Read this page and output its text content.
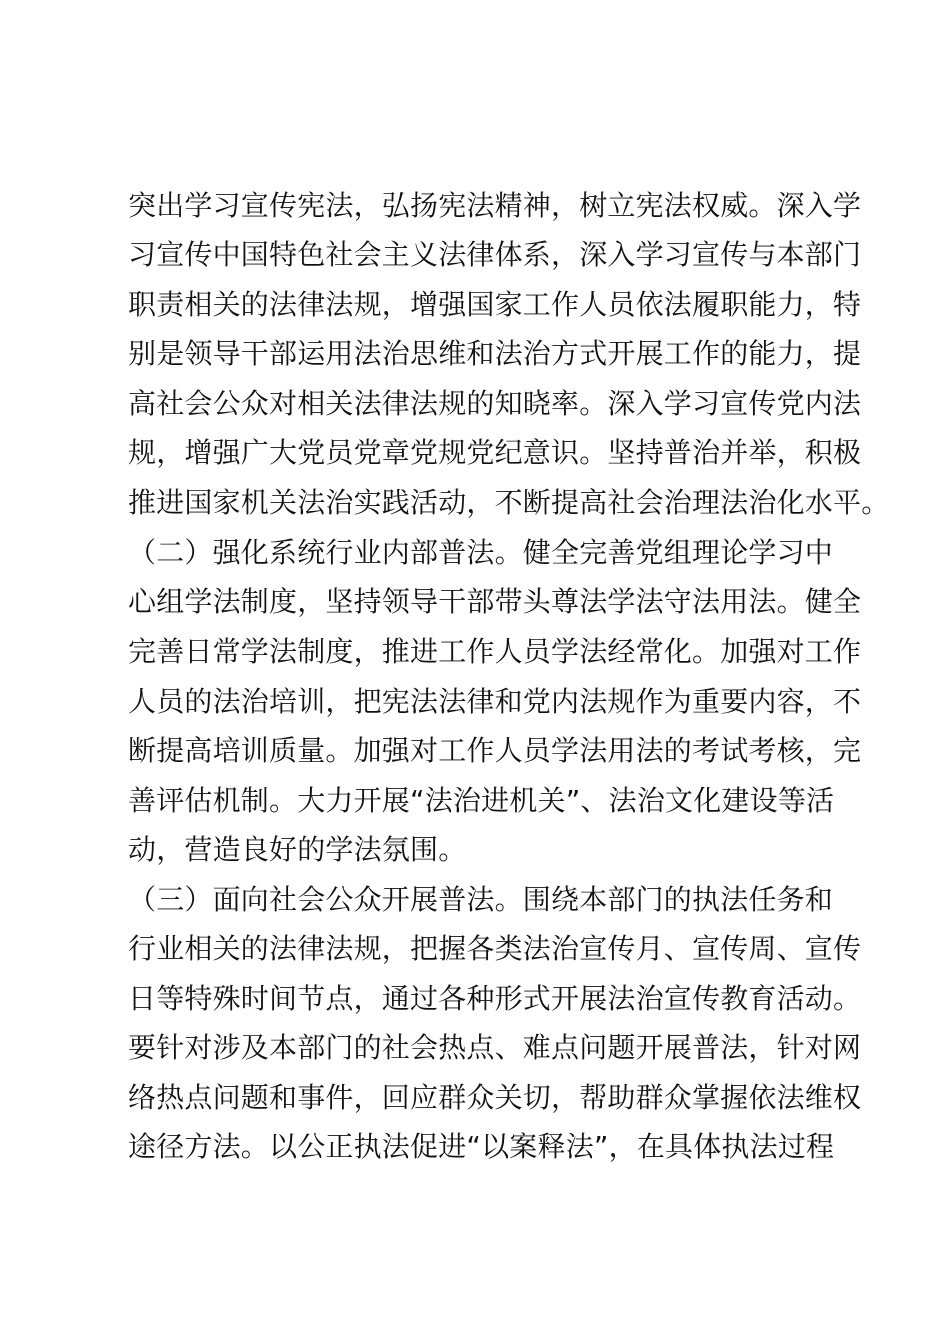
突出学习宣传宪法，弘扬宪法精神，树立宪法权威。深入学
习宣传中国特色社会主义法律体系，深入学习宣传与本部门
职责相关的法律法规，增强国家工作人员依法履职能力，特
别是领导干部运用法治思维和法治方式开展工作的能力，提
高社会公众对相关法律法规的知晓率。深入学习宣传党内法
规，增强广大党员党章党规党纪意识。坚持普治并举，积极
推进国家机关法治实践活动，不断提高社会治理法治化水平。
（二）强化系统行业内部普法。健全完善党组理论学习中
心组学法制度，坚持领导干部带头尊法学法守法用法。健全
完善日常学法制度，推进工作人员学法经常化。加强对工作
人员的法治培训，把宪法法律和党内法规作为重要内容，不
断提高培训质量。加强对工作人员学法用法的考试考核，完
善评估机制。大力开展“法治进机关”、法治文化建设等活
动，营造良好的学法氛围。
（三）面向社会公众开展普法。围绕本部门的执法任务和
行业相关的法律法规，把握各类法治宣传月、宣传周、宣传
日等特殊时间节点，通过各种形式开展法治宣传教育活动。
要针对涉及本部门的社会热点、难点问题开展普法，针对网
络热点问题和事件，回应群众关切，帮助群众掌握依法维权
途径方法。以公正执法促进“以案释法”，在具体执法过程
